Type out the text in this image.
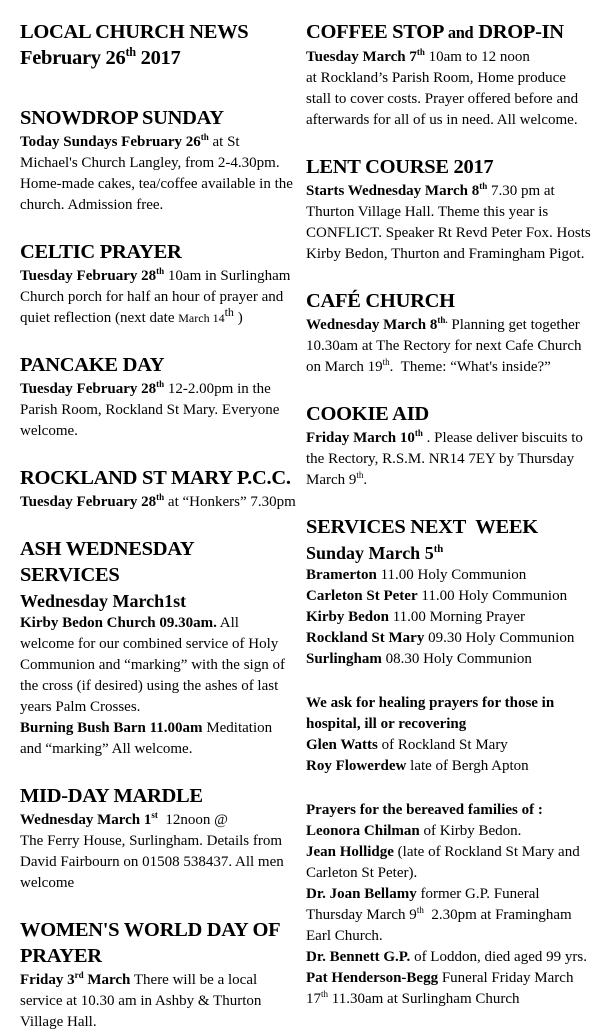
LOCAL CHURCH NEWS
February 26th 2017
SNOWDROP SUNDAY

Today Sundays February 26th at St Michael's Church Langley, from 2-4.30pm. Home-made cakes, tea/coffee available in the church. Admission free.

CELTIC PRAYER

Tuesday February 28th 10am in Surlingham Church porch for half an hour of prayer and quiet reflection (next date March 14th )

PANCAKE DAY

Tuesday February 28th 12-2.00pm in the Parish Room, Rockland St Mary. Everyone welcome.

ROCKLAND ST MARY P.C.C.

Tuesday February 28th at “Honkers” 7.30pm

ASH WEDNESDAY SERVICES

Wednesday March1st

Kirby Bedon Church 09.30am. All welcome for our combined service of Holy Communion and “marking” with the sign of the cross (if desired) using the ashes of last years Palm Crosses.

Burning Bush Barn 11.00am Meditation and “marking” All welcome.

MID-DAY MARDLE

Wednesday March 1st  12noon @
The Ferry House, Surlingham. Details from David Fairbourn on 01508 538437. All men welcome

WOMEN'S WORLD DAY OF PRAYER

Friday 3rd March There will be a local service at 10.30 am in Ashby & Thurton Village Hall.

COFFEE STOP and DROP-IN

Tuesday March 7th 10am to 12 noon
at Rockland’s Parish Room, Home produce stall to cover costs. Prayer offered before and afterwards for all of us in need. All welcome.

LENT COURSE 2017

Starts Wednesday March 8th 7.30 pm at Thurton Village Hall. Theme this year is CONFLICT. Speaker Rt Revd Peter Fox. Hosts Kirby Bedon, Thurton and Framingham Pigot.

CAFÉ CHURCH

Wednesday March $8^{th.}$ Planning get together 10.30am at The Rectory for next Cafe Church on March 19th.  Theme: “What's inside?”

COOKIE AID

Friday March 10th . Please deliver biscuits to the Rectory, R.S.M. NR14 7EY by Thursday March 9th.

SERVICES NEXT  WEEK

Sunday March 5th

Bramerton 11.00 Holy Communion

Carleton St Peter 11.00 Holy Communion

Kirby Bedon 11.00 Morning Prayer

Rockland St Mary 09.30 Holy Communion

Surlingham 08.30 Holy Communion

We ask for healing prayers for those in hospital, ill or recovering

Glen Watts of Rockland St Mary

Roy Flowerdew late of Bergh Apton

Prayers for the bereaved families of :

Leonora Chilman of Kirby Bedon.

Jean Hollidge (late of Rockland St Mary and Carleton St Peter).

Dr. Joan Bellamy former G.P. Funeral Thursday March 9th  2.30pm at Framingham Earl Church.

Dr. Bennett G.P. of Loddon, died aged 99 yrs.

Pat Henderson-Begg Funeral Friday March 17th 11.30am at Surlingham Church
